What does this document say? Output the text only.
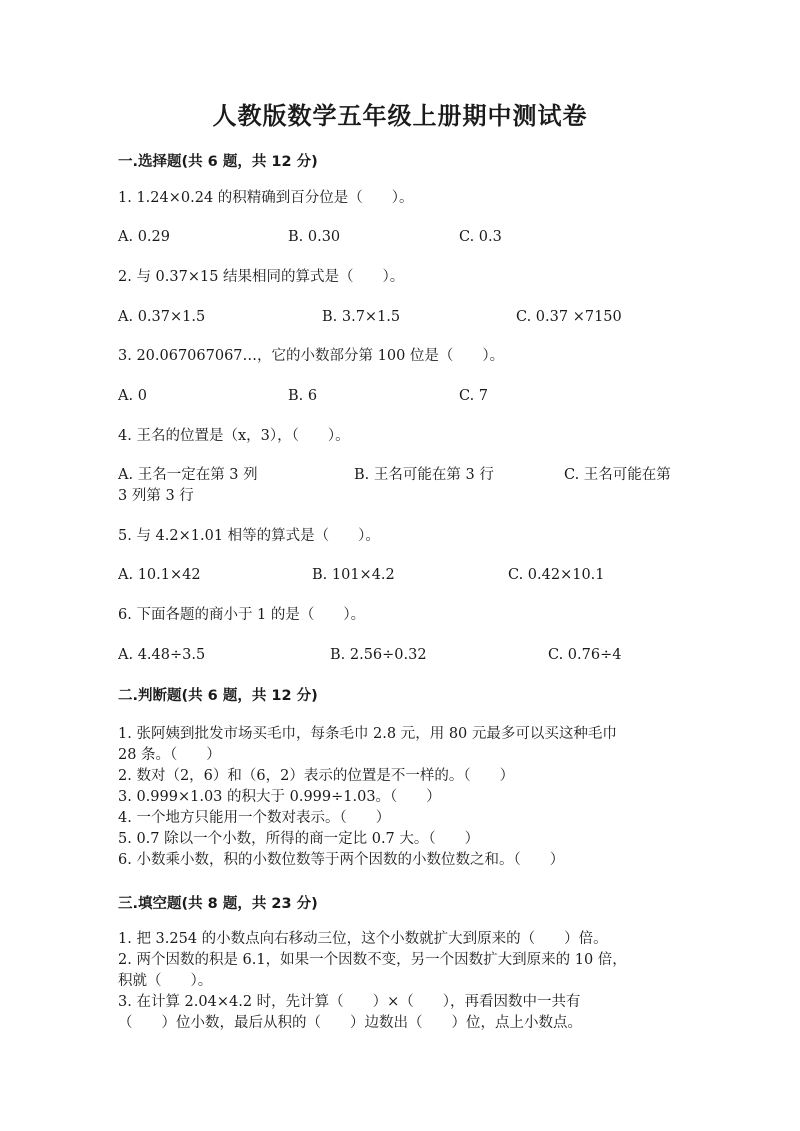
人教版数学五年级上册期中测试卷
一.选择题(共 6 题，共 12 分)
1. 1.24×0.24 的积精确到百分位是（　　）。
A. 0.29	B. 0.30	C. 0.3
2. 与 0.37×15 结果相同的算式是（　　）。
A. 0.37×1.5	B. 3.7×1.5	C. 0.37 ×7150
3. 20.067067067…，它的小数部分第 100 位是（　　）。
A. 0	B. 6	C. 7
4. 王名的位置是（x，3），（　　）。
A. 王名一定在第 3 列	B. 王名可能在第 3 行	C. 王名可能在第
3 列第 3 行
5. 与 4.2×1.01 相等的算式是（　　）。
A. 10.1×42	B. 101×4.2	C. 0.42×10.1
6. 下面各题的商小于 1 的是（　　）。
A. 4.48÷3.5	B. 2.56÷0.32	C. 0.76÷4
二.判断题(共 6 题，共 12 分)
1. 张阿姨到批发市场买毛巾，每条毛巾 2.8 元，用 80 元最多可以买这种毛巾
28 条。（　　）
2. 数对（2，6）和（6，2）表示的位置是不一样的。（　　）
3. 0.999×1.03 的积大于 0.999÷1.03。（　　）
4. 一个地方只能用一个数对表示。（　　）
5. 0.7 除以一个小数，所得的商一定比 0.7 大。（　　）
6. 小数乘小数，积的小数位数等于两个因数的小数位数之和。（　　）
三.填空题(共 8 题，共 23 分)
1. 把 3.254 的小数点向右移动三位，这个小数就扩大到原来的（　　）倍。
2. 两个因数的积是 6.1，如果一个因数不变，另一个因数扩大到原来的 10 倍，
积就（　　）。
3. 在计算 2.04×4.2 时，先计算（　　）×（　　），再看因数中一共有
（　　）位小数，最后从积的（　　）边数出（　　）位，点上小数点。
